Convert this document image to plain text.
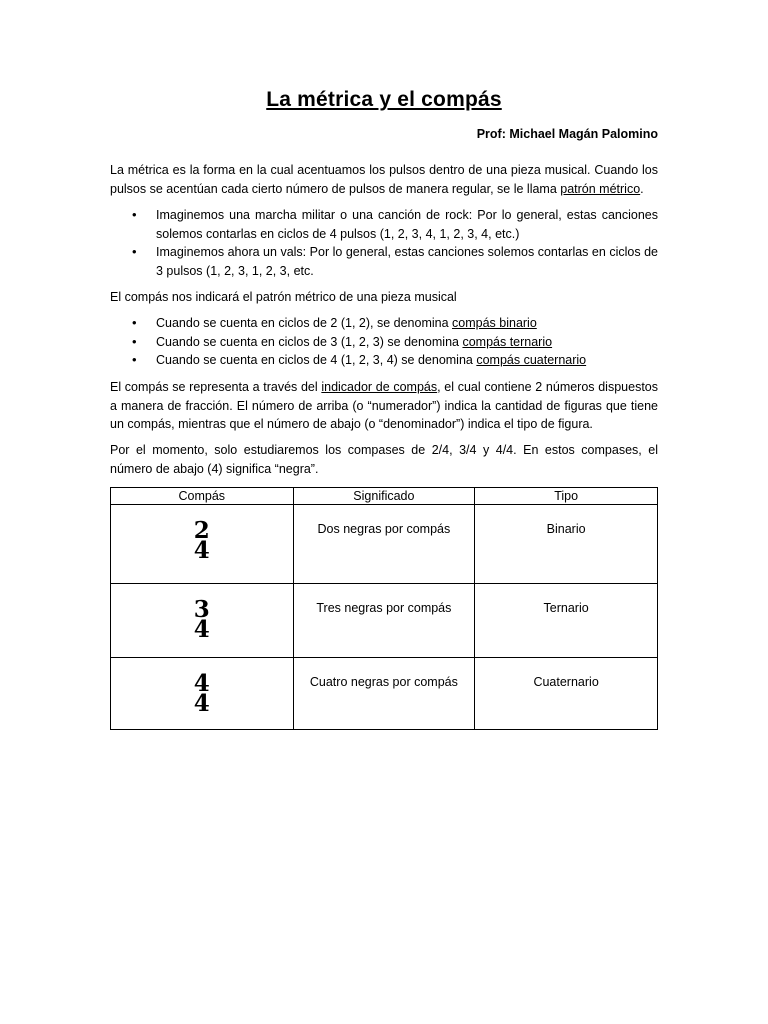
La métrica y el compás
Prof: Michael Magán Palomino
La métrica es la forma en la cual acentuamos los pulsos dentro de una pieza musical. Cuando los pulsos se acentúan cada cierto número de pulsos de manera regular, se le llama patrón métrico.
• Imaginemos una marcha militar o una canción de rock: Por lo general, estas canciones solemos contarlas en ciclos de 4 pulsos (1, 2, 3, 4, 1, 2, 3, 4, etc.)
• Imaginemos ahora un vals: Por lo general, estas canciones solemos contarlas en ciclos de 3 pulsos (1, 2, 3, 1, 2, 3, etc.
El compás nos indicará el patrón métrico de una pieza musical
• Cuando se cuenta en ciclos de 2 (1, 2), se denomina compás binario
• Cuando se cuenta en ciclos de 3 (1, 2, 3) se denomina compás ternario
• Cuando se cuenta en ciclos de 4 (1, 2, 3, 4) se denomina compás cuaternario
El compás se representa a través del indicador de compás, el cual contiene 2 números dispuestos a manera de fracción. El número de arriba (o “numerador”) indica la cantidad de figuras que tiene un compás, mientras que el número de abajo (o “denominador”) indica el tipo de figura.
Por el momento, solo estudiaremos los compases de 2/4, 3/4 y 4/4. En estos compases, el número de abajo (4) significa “negra”.
Compás	Significado	Tipo

2
4	Dos negras por compás	Binario

3
4	Tres negras por compás	Ternario

4
4	Cuatro negras por compás	Cuaternario
